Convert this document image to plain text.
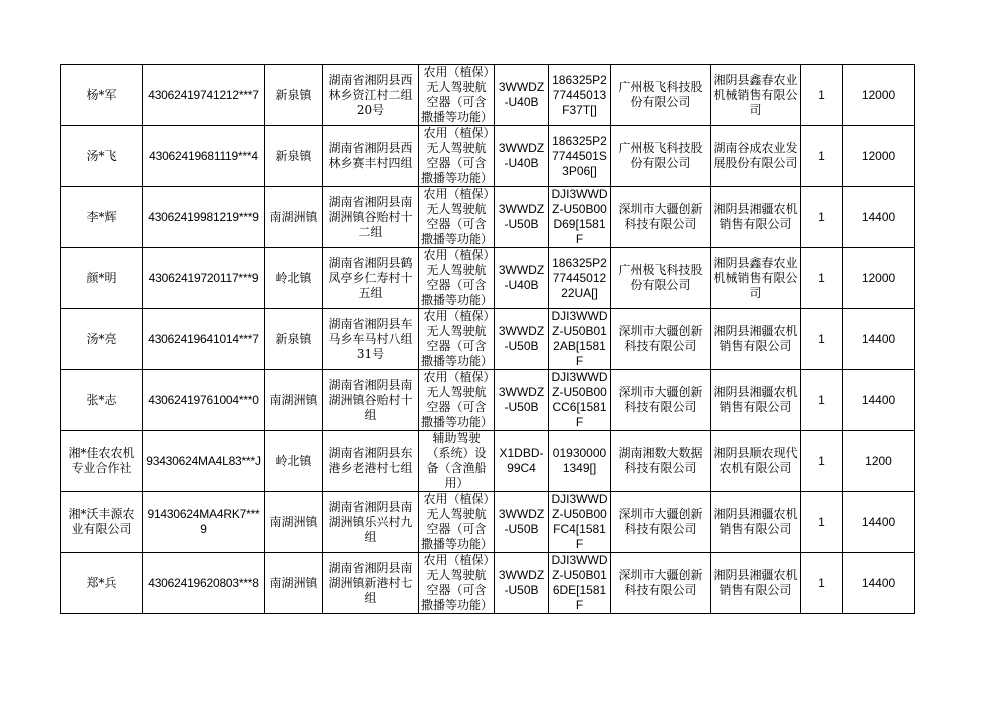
杨*军	43062419741212***7	新泉镇	湖南省湘阴县西林乡资江村二组20号	农用（植保）无人驾驶航空器（可含撒播等功能）	3WWDZ-U40B	186325P277445013F37T[]	广州极飞科技股份有限公司	湘阴县鑫春农业机械销售有限公司	1	12000
汤*飞	43062419681119***4	新泉镇	湖南省湘阴县西林乡赛丰村四组	农用（植保）无人驾驶航空器（可含撒播等功能）	3WWDZ-U40B	186325P27744501S3P06[]	广州极飞科技股份有限公司	湖南谷成农业发展股份有限公司	1	12000
李*辉	43062419981219***9	南湖洲镇	湖南省湘阴县南湖洲镇谷贻村十二组	农用（植保）无人驾驶航空器（可含撒播等功能）	3WWDZ-U50B	DJI3WWDZ-U50B00D69[1581F	深圳市大疆创新科技有限公司	湘阴县湘疆农机销售有限公司	1	14400
颜*明	43062419720117***9	岭北镇	湖南省湘阴县鹤凤亭乡仁寿村十五组	农用（植保）无人驾驶航空器（可含撒播等功能）	3WWDZ-U40B	186325P27744501222UA[]	广州极飞科技股份有限公司	湘阴县鑫春农业机械销售有限公司	1	12000
汤*亮	43062419641014***7	新泉镇	湖南省湘阴县车马乡车马村八组31号	农用（植保）无人驾驶航空器（可含撒播等功能）	3WWDZ-U50B	DJI3WWDZ-U50B012AB[1581F	深圳市大疆创新科技有限公司	湘阴县湘疆农机销售有限公司	1	14400
张*志	43062419761004***0	南湖洲镇	湖南省湘阴县南湖洲镇谷贻村十组	农用（植保）无人驾驶航空器（可含撒播等功能）	3WWDZ-U50B	DJI3WWDZ-U50B00CC6[1581F	深圳市大疆创新科技有限公司	湘阴县湘疆农机销售有限公司	1	14400
湘*佳农农机专业合作社	93430624MA4L83***J	岭北镇	湖南省湘阴县东港乡老港村七组	辅助驾驶（系统）设备（含渔船用）	X1DBD-99C4	019300001349[]	湖南湘数大数据科技有限公司	湘阴县顺农现代农机有限公司	1	1200
湘*沃丰源农业有限公司	91430624MA4RK7***9	南湖洲镇	湖南省湘阴县南湖洲镇乐兴村九组	农用（植保）无人驾驶航空器（可含撒播等功能）	3WWDZ-U50B	DJI3WWDZ-U50B00FC4[1581F	深圳市大疆创新科技有限公司	湘阴县湘疆农机销售有限公司	1	14400
郑*兵	43062419620803***8	南湖洲镇	湖南省湘阴县南湖洲镇新港村七组	农用（植保）无人驾驶航空器（可含撒播等功能）	3WWDZ-U50B	DJI3WWDZ-U50B016DE[1581F	深圳市大疆创新科技有限公司	湘阴县湘疆农机销售有限公司	1	14400
